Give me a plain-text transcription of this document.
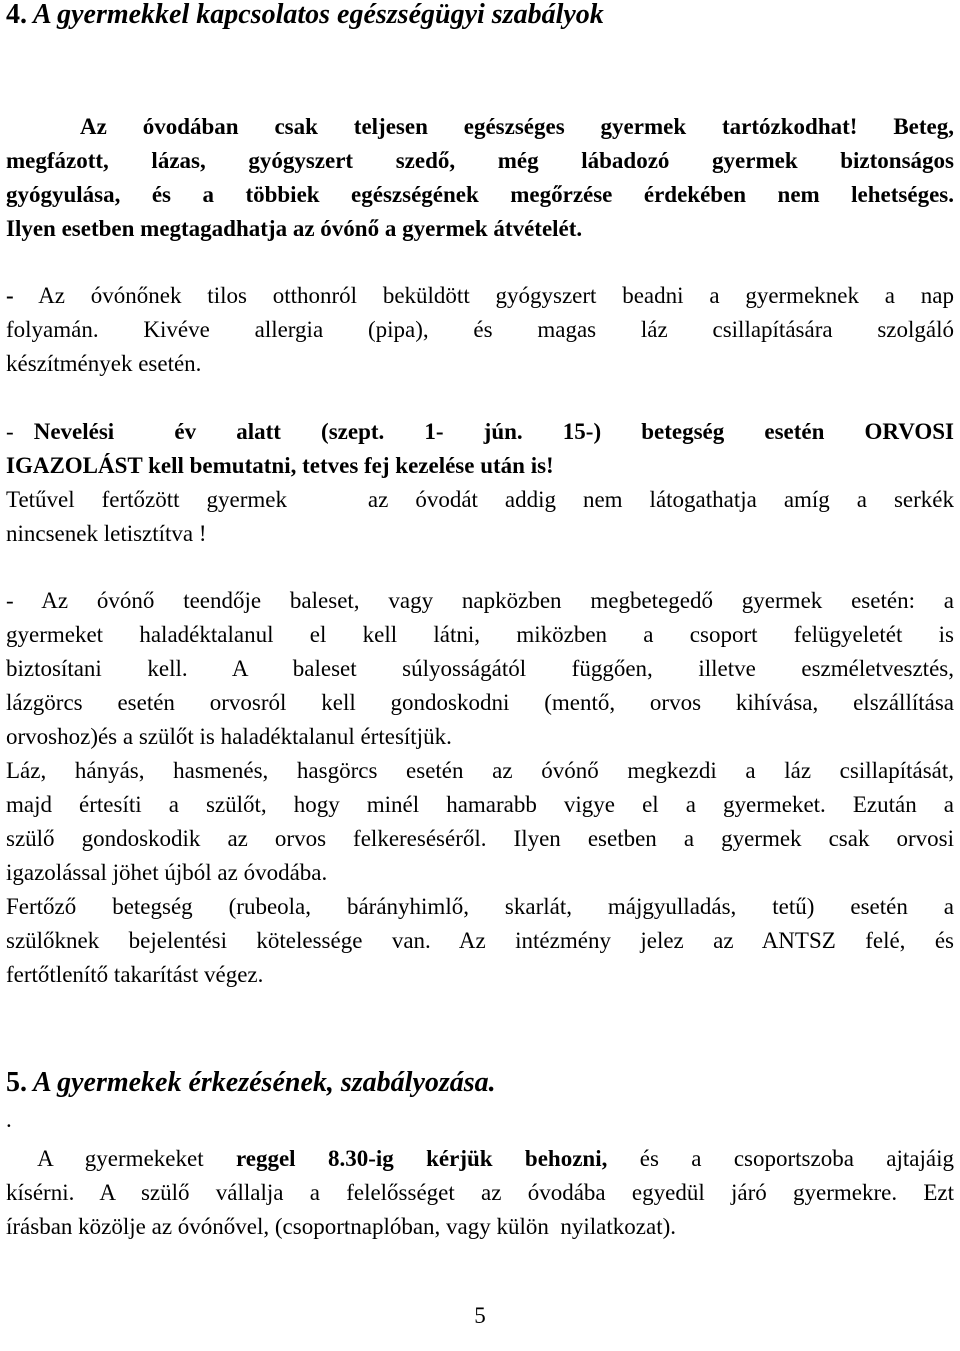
4. A gyermekkel kapcsolatos egészségügyi szabályok
Az óvodában csak teljesen egészséges gyermek tartózkodhat! Beteg,
megfázott, lázas, gyógyszert szedő, még lábadozó gyermek biztonságos
gyógyulása, és a többiek egészségének megőrzése érdekében nem lehetséges.
Ilyen esetben megtagadhatja az óvónő a gyermek átvételét.
- Az óvónőnek tilos otthonról beküldött gyógyszert beadni a gyermeknek a nap
folyamán. Kivéve allergia (pipa), és magas láz csillapítására szolgáló
készítmények esetén.
- Nevelési   év  alatt  (szept.  1-  jún.  15-)  betegség  esetén  ORVOSI
IGAZOLÁST kell bemutatni, tetves fej kezelése után is!
Tetűvel fertőzött gyermek   az óvodát addig nem látogathatja amíg a serkék
nincsenek letisztítva !
- Az óvónő teendője baleset, vagy napközben megbetegedő gyermek esetén: a
gyermeket haladéktalanul el kell látni, miközben a csoport felügyeletét is
biztosítani kell. A baleset súlyosságától függően, illetve eszméletvesztés,
lázgörcs esetén orvosról kell gondoskodni (mentő, orvos kihívása, elszállítása
orvoshoz)és a szülőt is haladéktalanul értesítjük.
Láz, hányás, hasmenés, hasgörcs esetén az óvónő megkezdi a láz csillapítását,
majd értesíti a szülőt, hogy minél hamarabb vigye el a gyermeket. Ezután a
szülő gondoskodik az orvos felkereséséről. Ilyen esetben a gyermek csak orvosi
igazolással jöhet újból az óvodába.
Fertőző betegség (rubeola, bárányhimlő, skarlát, májgyulladás, tetű) esetén a
szülőknek bejelentési kötelessége van. Az intézmény jelez az ANTSZ felé, és
fertőtlenítő takarítást végez.
5. A gyermekek érkezésének, szabályozása.
.
A gyermekeket reggel 8.30-ig kérjük behozni, és a csoportszoba ajtajáig
kísérni. A szülő vállalja a felelősséget az óvodába egyedül járó gyermekre. Ezt
írásban közölje az óvónővel, (csoportnaplóban, vagy külön  nyilatkozat).
5
